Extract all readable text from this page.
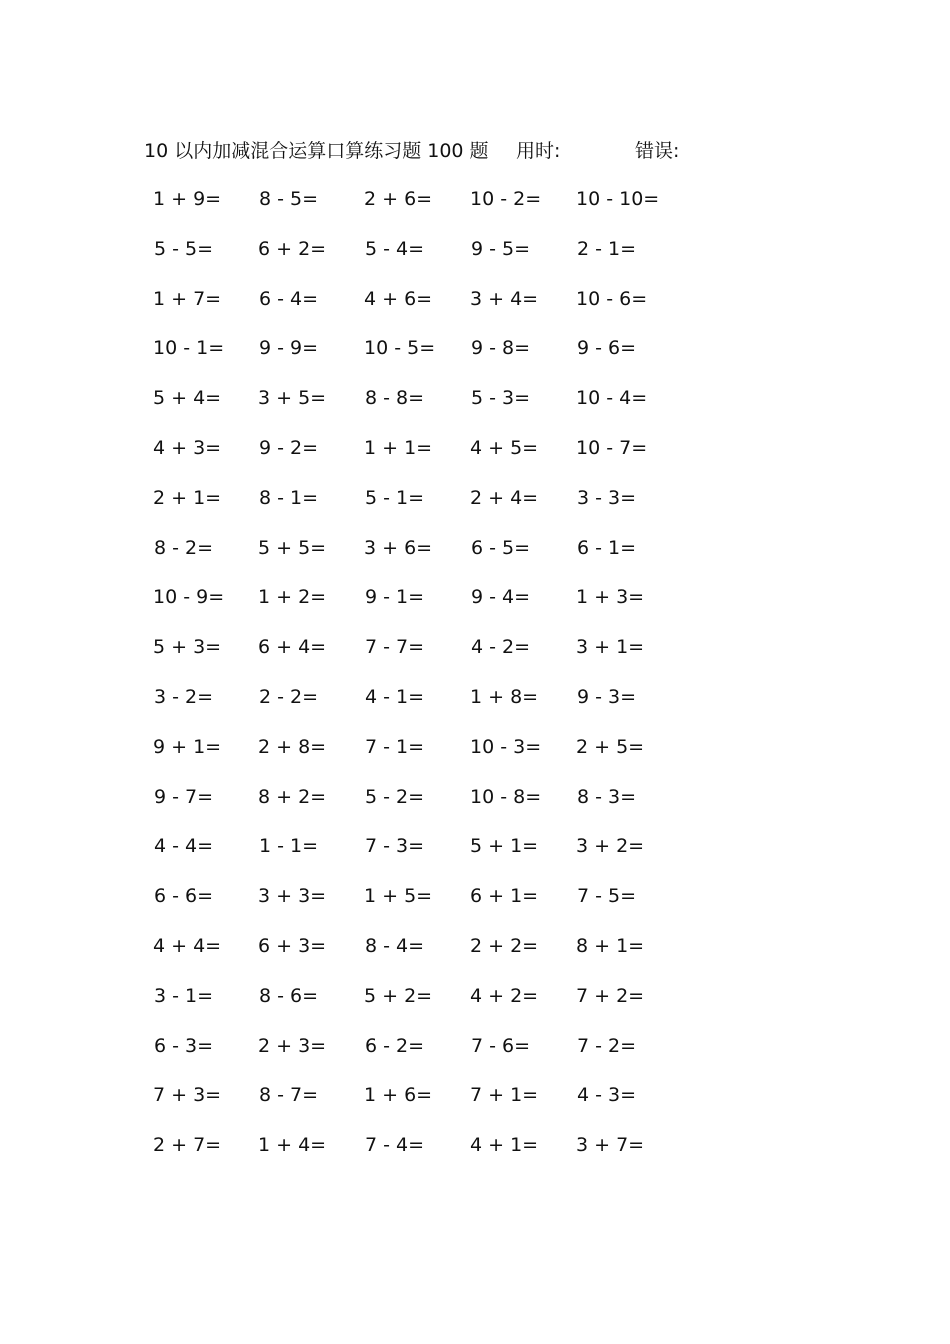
10 以内加减混合运算口算练习题 100 题 用时:	错误:
1 + 9= 8 - 5= 2 + 6= 10 - 2= 10 - 10=
5 - 5= 6 + 2= 5 - 4= 9 - 5= 2 - 1=
1 + 7= 6 - 4= 4 + 6= 3 + 4= 10 - 6=
10 - 1= 9 - 9= 10 - 5= 9 - 8= 9 - 6=
5 + 4= 3 + 5= 8 - 8= 5 - 3= 10 - 4=
4 + 3= 9 - 2= 1 + 1= 4 + 5= 10 - 7=
2 + 1= 8 - 1= 5 - 1= 2 + 4= 3 - 3=
8 - 2= 5 + 5= 3 + 6= 6 - 5= 6 - 1=
10 - 9= 1 + 2= 9 - 1= 9 - 4= 1 + 3=
5 + 3= 6 + 4= 7 - 7= 4 - 2= 3 + 1=
3 - 2= 2 - 2= 4 - 1= 1 + 8= 9 - 3=
9 + 1= 2 + 8= 7 - 1= 10 - 3= 2 + 5=
9 - 7= 8 + 2= 5 - 2= 10 - 8= 8 - 3=
4 - 4= 1 - 1= 7 - 3= 5 + 1= 3 + 2=
6 - 6= 3 + 3= 1 + 5= 6 + 1= 7 - 5=
4 + 4= 6 + 3= 8 - 4= 2 + 2= 8 + 1=
3 - 1= 8 - 6= 5 + 2= 4 + 2= 7 + 2=
6 - 3= 2 + 3= 6 - 2= 7 - 6= 7 - 2=
7 + 3= 8 - 7= 1 + 6= 7 + 1= 4 - 3=
2 + 7= 1 + 4= 7 - 4= 4 + 1= 3 + 7=
